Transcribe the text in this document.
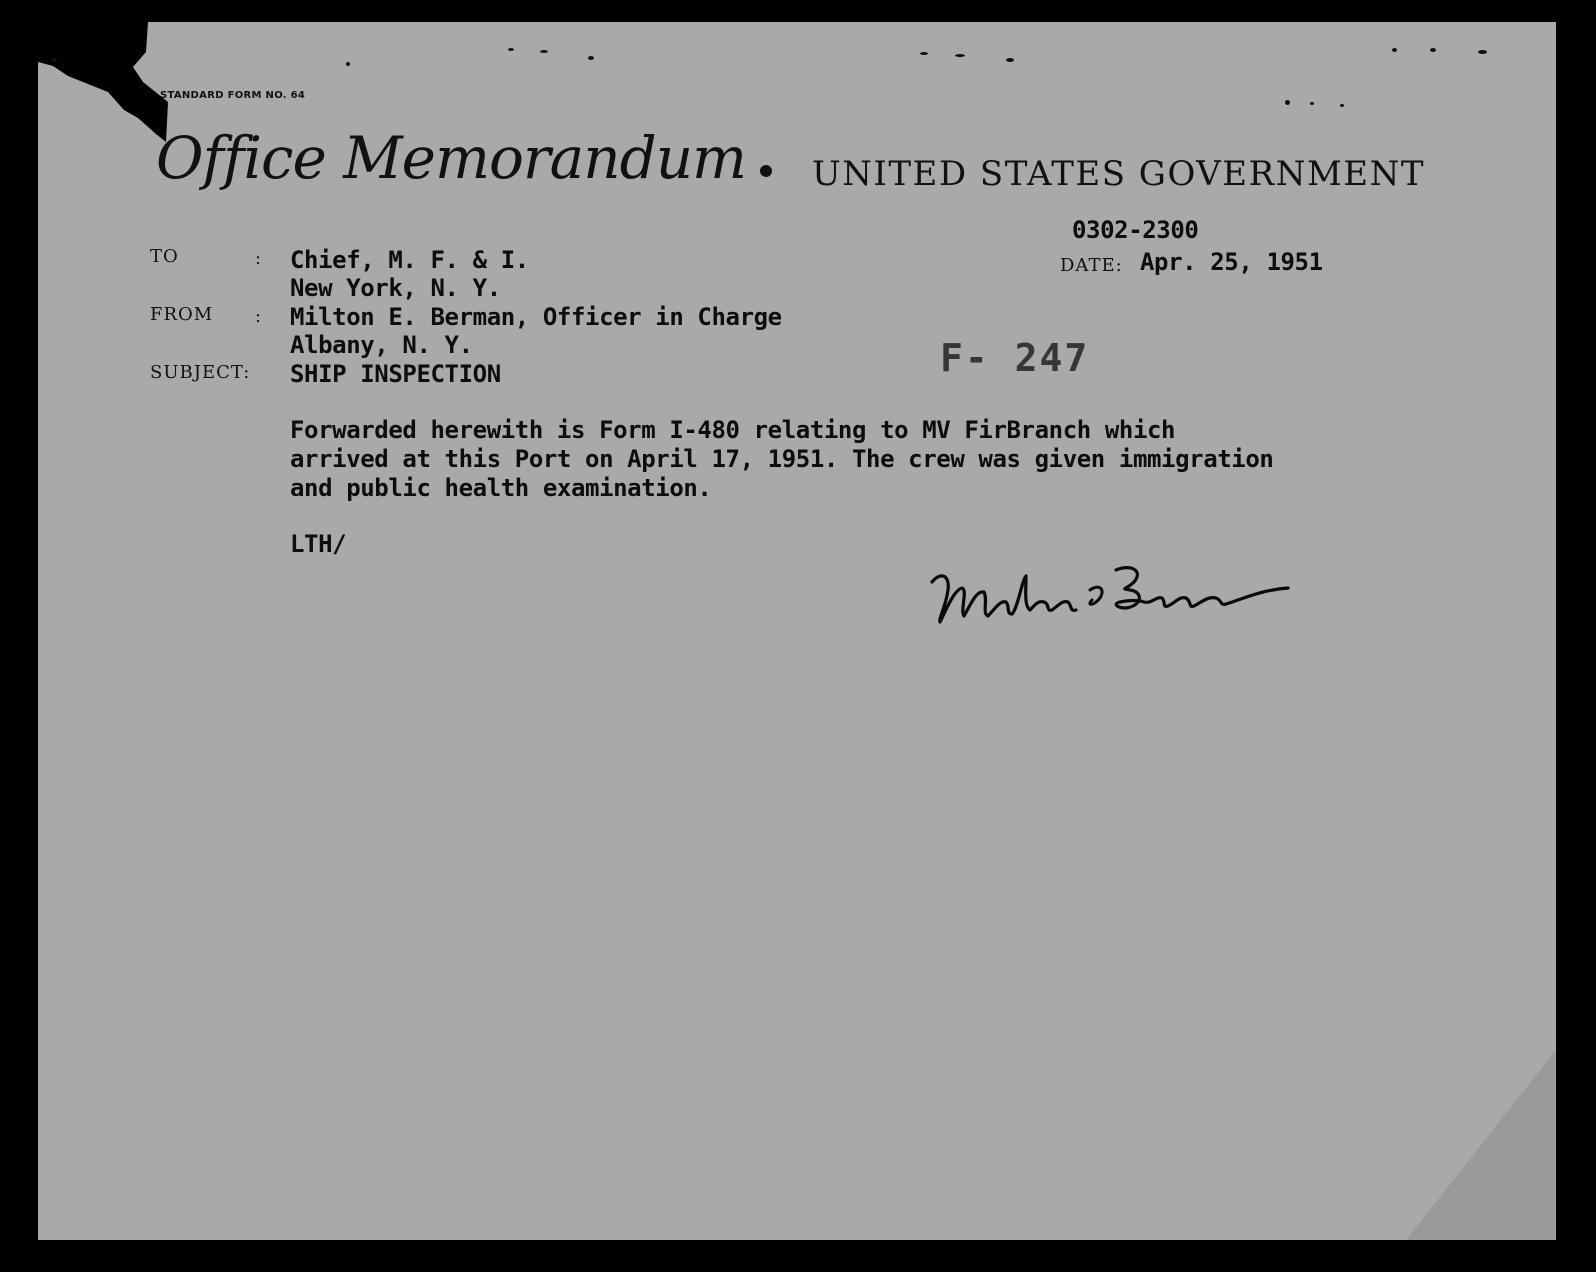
STANDARD FORM NO. 64
Office Memorandum UNITED STATES GOVERNMENT
0302-2300
DATE: Apr. 25, 1951
TO	: Chief, M. F. & I.
New York, N. Y.
FROM : Milton E. Berman, Officer in Charge
Albany, N. Y.
SUBJECT: SHIP INSPECTION	F- 247
Forwarded herewith is Form I-480 relating to MV FirBranch which
arrived at this Port on April 17, 1951. The crew was given immigration
and public health examination.
LTH/
